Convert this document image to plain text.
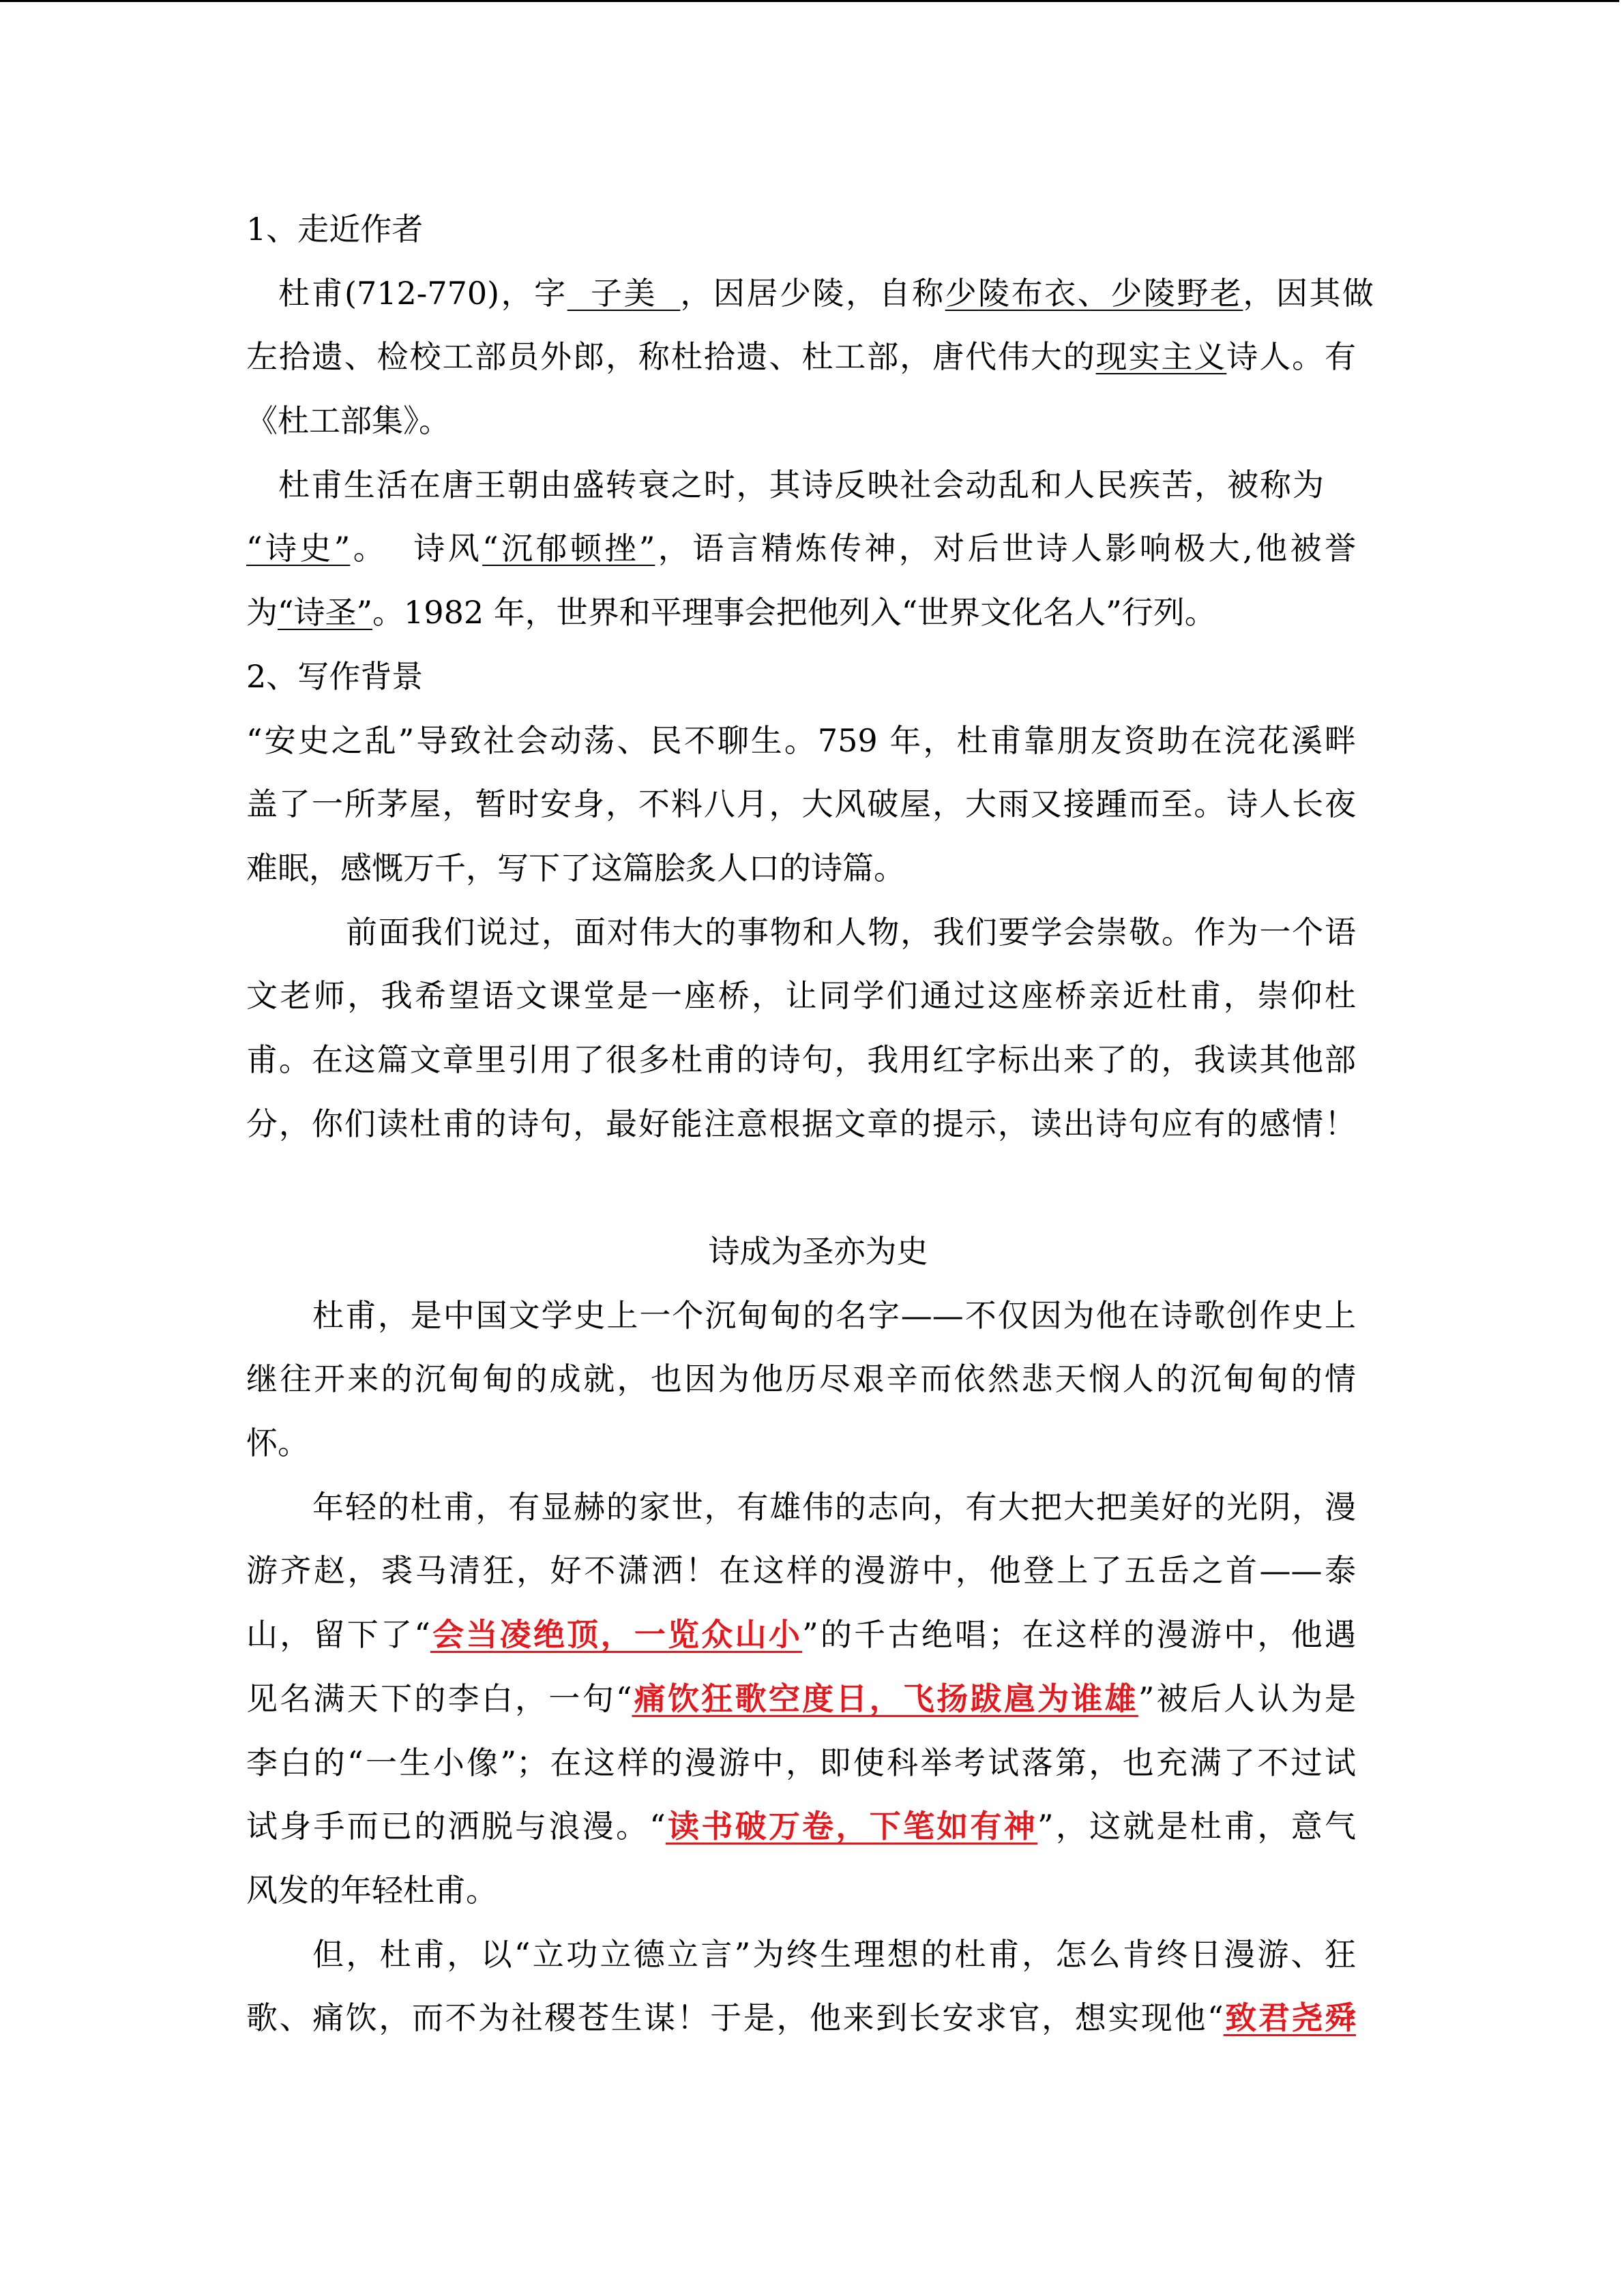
1、走近作者
杜甫(712-770)，字  子美  ，因居少陵，自称少陵布衣、少陵野老，因其做
左拾遗、检校工部员外郎，称杜拾遗、杜工部，唐代伟大的现实主义诗人。有
《杜工部集》。
杜甫生活在唐王朝由盛转衰之时，其诗反映社会动乱和人民疾苦，被称为
“诗史”。  诗风“沉郁顿挫”，语言精炼传神，对后世诗人影响极大,他被誉
为“诗圣”。1982 年，世界和平理事会把他列入“世界文化名人”行列。
2、写作背景
“安史之乱”导致社会动荡、民不聊生。759 年，杜甫靠朋友资助在浣花溪畔
盖了一所茅屋，暂时安身，不料八月，大风破屋，大雨又接踵而至。诗人长夜
难眠，感慨万千，写下了这篇脍炙人口的诗篇。
前面我们说过，面对伟大的事物和人物，我们要学会崇敬。作为一个语
文老师，我希望语文课堂是一座桥，让同学们通过这座桥亲近杜甫，崇仰杜
甫。在这篇文章里引用了很多杜甫的诗句，我用红字标出来了的，我读其他部
分，你们读杜甫的诗句，最好能注意根据文章的提示，读出诗句应有的感情！
诗成为圣亦为史
杜甫，是中国文学史上一个沉甸甸的名字——不仅因为他在诗歌创作史上
继往开来的沉甸甸的成就，也因为他历尽艰辛而依然悲天悯人的沉甸甸的情
怀。
年轻的杜甫，有显赫的家世，有雄伟的志向，有大把大把美好的光阴，漫
游齐赵，裘马清狂，好不潇洒！在这样的漫游中，他登上了五岳之首——泰
山，留下了“会当凌绝顶，一览众山小”的千古绝唱；在这样的漫游中，他遇
见名满天下的李白，一句“痛饮狂歌空度日，飞扬跋扈为谁雄”被后人认为是
李白的“一生小像”；在这样的漫游中，即使科举考试落第，也充满了不过试
试身手而已的洒脱与浪漫。“读书破万卷，下笔如有神”，这就是杜甫，意气
风发的年轻杜甫。
但，杜甫，以“立功立德立言”为终生理想的杜甫，怎么肯终日漫游、狂
歌、痛饮，而不为社稷苍生谋！于是，他来到长安求官，想实现他“致君尧舜
